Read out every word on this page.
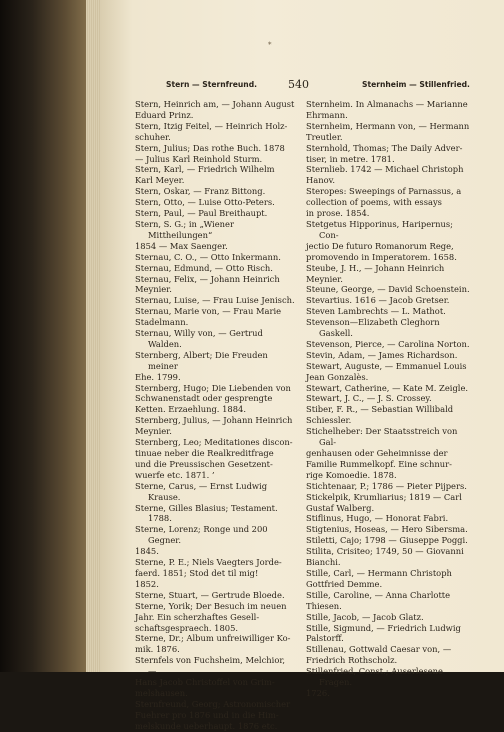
*
Stern — Sternfreund.	540	Sternheim — Stillenfried.

Stern, Heinrich am, — Johann August
Eduard Prinz.

Stern, Itzig Feitel, — Heinrich Holz-
schuher.

Stern, Julius; Das rothe Buch. 1878
— Julius Karl Reinhold Sturm.

Stern, Karl, — Friedrich Wilhelm
Karl Meyer.

Stern, Oskar, — Franz Bittong.

Stern, Otto, — Luise Otto-Peters.

Stern, Paul, — Paul Breithaupt.

Stern, S. G.; in „Wiener Mittheilungen“
1854 — Max Saenger.

Sternau, C. O., — Otto Inkermann.

Sternau, Edmund, — Otto Risch.

Sternau, Felix, — Johann Heinrich
Meynier.

Sternau, Luise, — Frau Luise Jenisch.

Sternau, Marie von, — Frau Marie
Stadelmann.

Sternau, Willy von, — Gertrud Walden.

Sternberg, Albert; Die Freuden meiner
Ehe. 1799.

Sternberg, Hugo; Die Liebenden von
Schwanenstadt oder gesprengte
Ketten. Erzaehlung. 1884.

Sternberg, Julius, — Johann Heinrich
Meynier.

Sternberg, Leo; Meditationes discon-
tinuae neber die Realkreditfrage
und die Preussischen Gesetzent-
wuerfe etc. 1871. ’

Sterne, Carus, — Ernst Ludwig Krause.

Sterne, Gilles Blasius; Testament. 1788.

Sterne, Lorenz; Ronge und 200 Gegner.
1845.

Sterne, P. E.; Niels Vaegters Jorde-
faerd. 1851; Stod det til mig!
1852.

Sterne, Stuart, — Gertrude Bloede.

Sterne, Yorik; Der Besuch im neuen
Jahr. Ein scherzhaftes Gesell-
schaftsgespraech. 1805.

Sterne, Dr.; Album unfreiwilliger Ko-
mik. 1876.

Sternfels von Fuchsheim, Melchior, —
Hans Jacob Christoffel von Grim-
melshausen.

Sternfreund, Georg; Astronomischer
Fuehrer pro 1876 und in die Him-
melskunde ueberhaupt. 1876 etc.

Sternheim. In Almanachs — Marianne
Ehrmann.

Sternheim, Hermann von, — Hermann
Treutler.

Sternhold, Thomas; The Daily Adver-
tiser, in metre. 1781.

Sternlieb. 1742 — Michael Christoph
Hanov.

Steropes: Sweepings of Parnassus, a
collection of poems, with essays
in prose. 1854.

Stetgetus Hipporinus, Haripernus; Con-
jectio De futuro Romanorum Rege,
promovendo in Imperatorem. 1658.

Steube, J. H., — Johann Heinrich
Meynier.

Steune, George, — David Schoenstein.

Stevartius. 1616 — Jacob Gretser.

Steven Lambrechts — L. Mathot.

Stevenson—Elizabeth Cleghorn Gaskell.

Stevenson, Pierce, — Carolina Norton.

Stevin, Adam, — James Richardson.

Stewart, Auguste, — Emmanuel Louis
Jean Gonzalès.

Stewart, Catherine, — Kate M. Zeigle.

Stewart, J. C., — J. S. Crossey.

Stiber, F. R., — Sebastian Willibald
Schiessler.

Stichelheber: Der Staatsstreich von Gal-
genhausen oder Geheimnisse der
Familie Rummelkopf. Eine schnur-
rige Komoedie. 1878.

Stichtenaar, P.; 1786 — Pieter Pijpers.

Stickelpik, Krumliarius; 1819 — Carl
Gustaf Walberg.

Stiflinus, Hugo, — Honorat Fabri.

Stigtenius, Hoseas, — Hero Sibersma.

Stiletti, Cajo; 1798 — Giuseppe Poggi.

Stilita, Crisiteo; 1749, 50 — Giovanni
Bianchi.

Stille, Carl, — Hermann Christoph
Gottfried Demme.

Stille, Caroline, — Anna Charlotte
Thiesen.

Stille, Jacob, — Jacob Glatz.

Stille, Sigmund, — Friedrich Ludwig
Palstorff.

Stillenau, Gottwald Caesar von, —
Friedrich Rothscholz.

Stillenfried, Const.; Auserlesene Fragen.
1726.
